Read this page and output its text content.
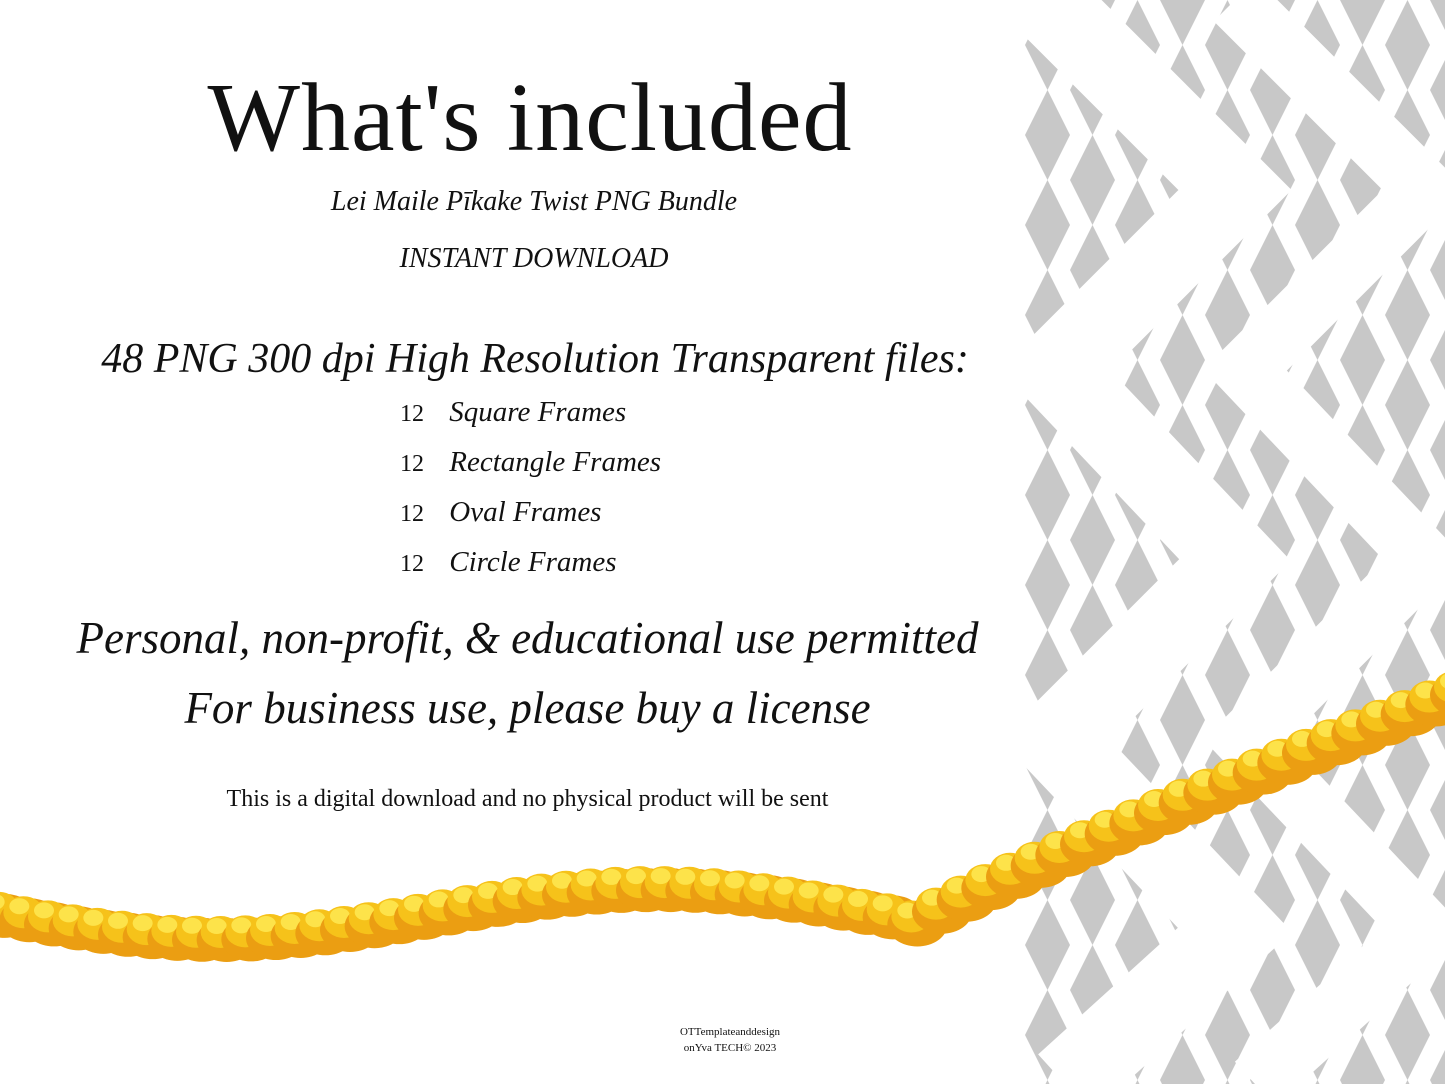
What's included
Lei Maile Pīkake Twist PNG Bundle
INSTANT DOWNLOAD
48 PNG 300 dpi High Resolution Transparent files:
12 Square Frames
12 Rectangle Frames
12 Oval Frames
12 Circle Frames
Personal, non-profit, & educational use permitted
For business use, please buy a license
This is a digital download and no physical product will be sent
OTTemplateanddesign
onYva TECH© 2023
